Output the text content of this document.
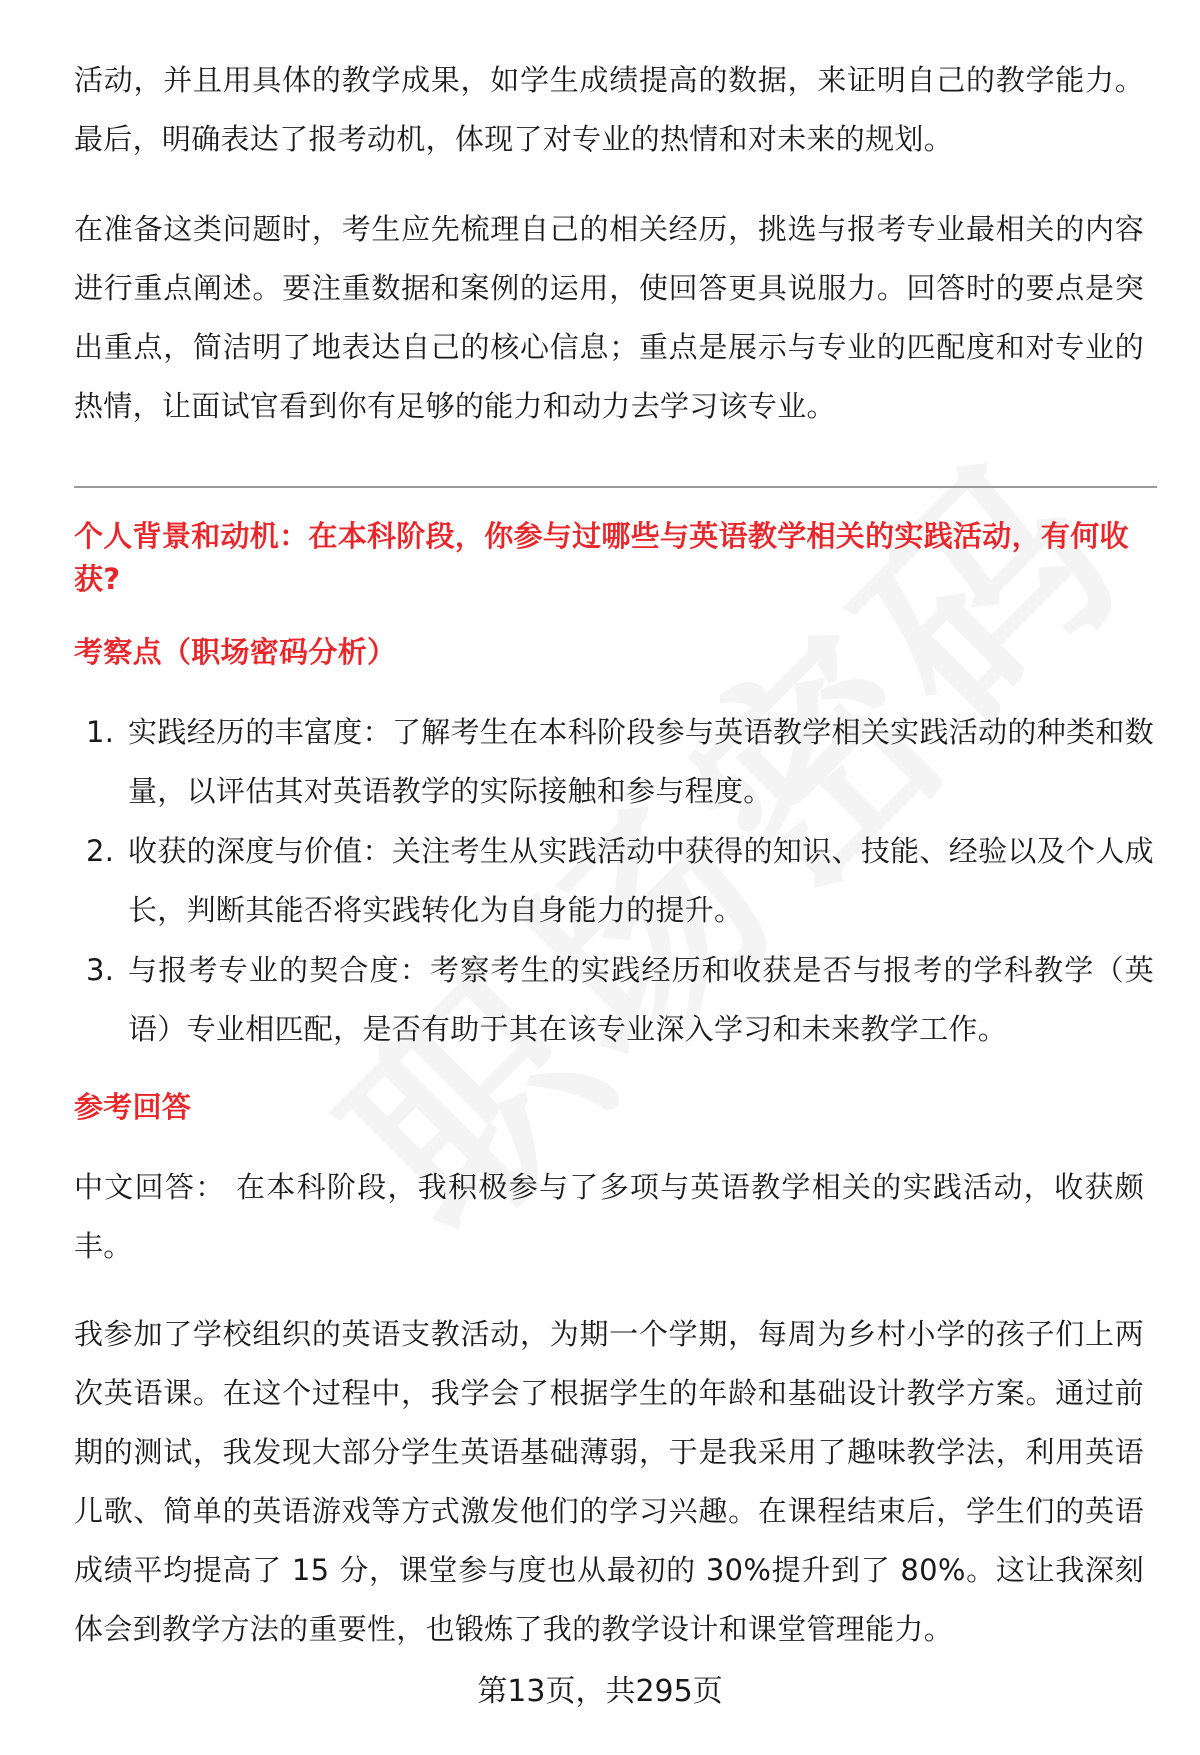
活动，并且用具体的教学成果，如学生成绩提高的数据，来证明自己的教学能力。最后，明确表达了报考动机，体现了对专业的热情和对未来的规划。

在准备这类问题时，考生应先梳理自己的相关经历，挑选与报考专业最相关的内容进行重点阐述。要注重数据和案例的运用，使回答更具说服力。回答时的要点是突出重点，简洁明了地表达自己的核心信息；重点是展示与专业的匹配度和对专业的热情，让面试官看到你有足够的能力和动力去学习该专业。

个人背景和动机：在本科阶段，你参与过哪些与英语教学相关的实践活动，有何收获?
考察点（职场密码分析）
1. 实践经历的丰富度：了解考生在本科阶段参与英语教学相关实践活动的种类和数量，以评估其对英语教学的实际接触和参与程度。
2. 收获的深度与价值：关注考生从实践活动中获得的知识、技能、经验以及个人成长，判断其能否将实践转化为自身能力的提升。
3. 与报考专业的契合度：考察考生的实践经历和收获是否与报考的学科教学（英语）专业相匹配，是否有助于其在该专业深入学习和未来教学工作。
参考回答

中文回答： 在本科阶段，我积极参与了多项与英语教学相关的实践活动，收获颇丰。

我参加了学校组织的英语支教活动，为期一个学期，每周为乡村小学的孩子们上两次英语课。在这个过程中，我学会了根据学生的年龄和基础设计教学方案。通过前期的测试，我发现大部分学生英语基础薄弱，于是我采用了趣味教学法，利用英语儿歌、简单的英语游戏等方式激发他们的学习兴趣。在课程结束后，学生们的英语成绩平均提高了 15 分，课堂参与度也从最初的 30%提升到了 80%。这让我深刻体会到教学方法的重要性，也锻炼了我的教学设计和课堂管理能力。

第13页，共295页
